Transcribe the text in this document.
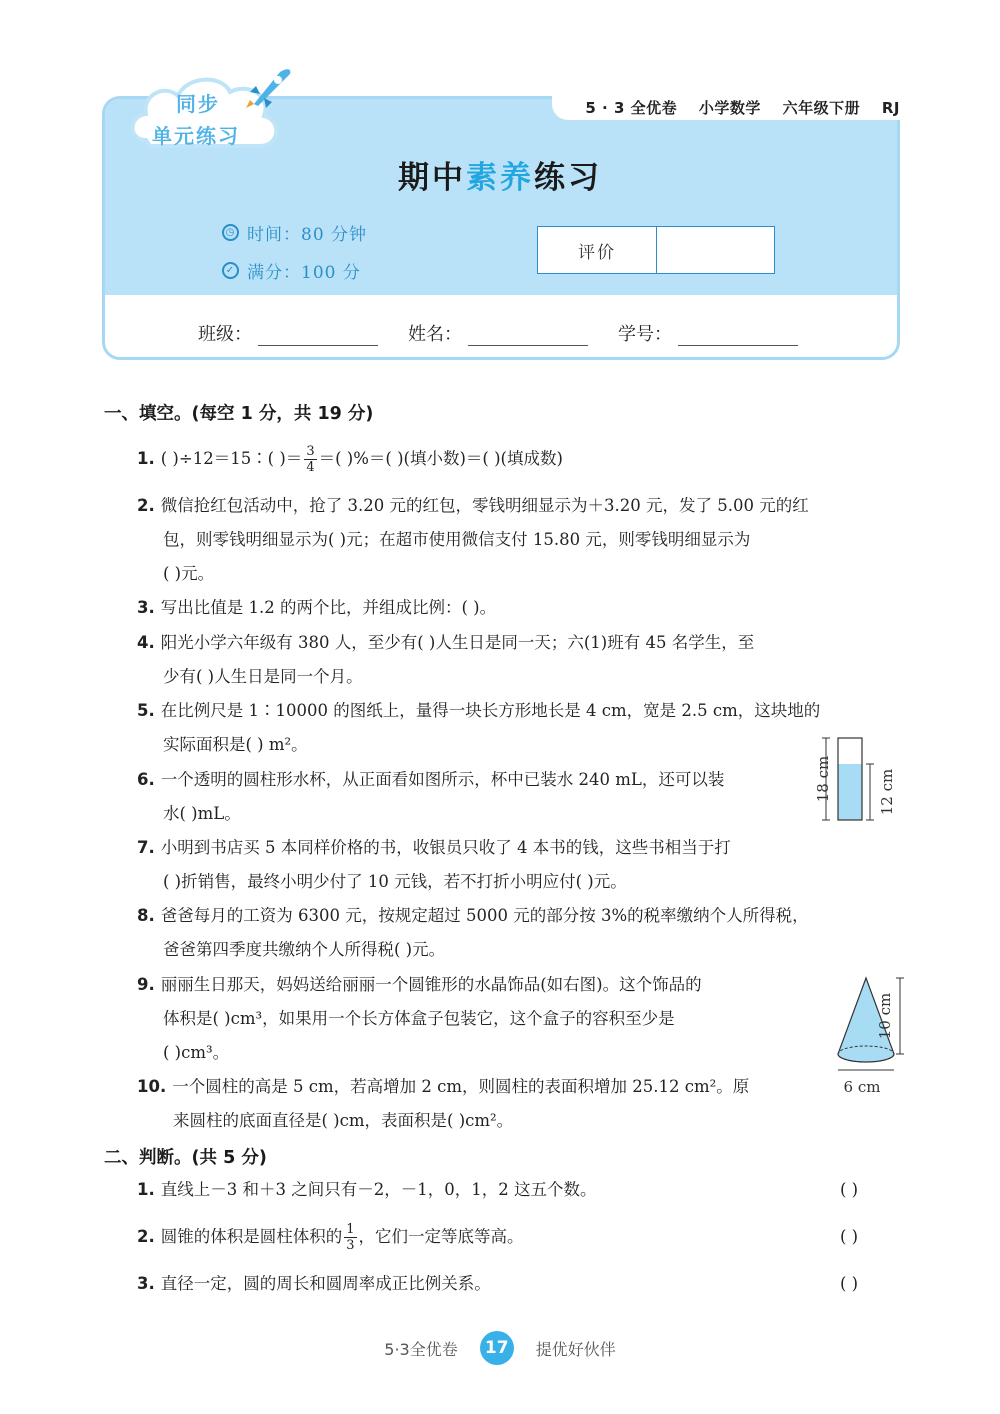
5 · 3 全优卷 小学数学 六年级下册 RJ
同步
单元练习
期中素养练习
◷ 时间：80 分钟
✓ 满分：100 分
评价
班级：	姓名：	学号：
一、填空。(每空 1 分，共 19 分)
1. ( )÷12＝15∶( )＝ $\frac{3}{4}$ ＝( )%＝( )(填小数)＝( )(填成数)
2. 微信抢红包活动中，抢了 3.20 元的红包，零钱明细显示为＋3.20 元，发了 5.00 元的红
包，则零钱明细显示为( )元；在超市使用微信支付 15.80 元，则零钱明细显示为
( )元。
3. 写出比值是 1.2 的两个比，并组成比例：( )。
4. 阳光小学六年级有 380 人，至少有( )人生日是同一天；六(1)班有 45 名学生，至
少有( )人生日是同一个月。
5. 在比例尺是 1∶10000 的图纸上，量得一块长方形地长是 4 cm，宽是 2.5 cm，这块地的
实际面积是( ) m²。
6. 一个透明的圆柱形水杯，从正面看如图所示，杯中已装水 240 mL，还可以装
水( )mL。
18 cm	12 cm
7. 小明到书店买 5 本同样价格的书，收银员只收了 4 本书的钱，这些书相当于打
( )折销售，最终小明少付了 10 元钱，若不打折小明应付( )元。
8. 爸爸每月的工资为 6300 元，按规定超过 5000 元的部分按 3%的税率缴纳个人所得税，
爸爸第四季度共缴纳个人所得税( )元。
9. 丽丽生日那天，妈妈送给丽丽一个圆锥形的水晶饰品(如右图)。这个饰品的
体积是( )cm³，如果用一个长方体盒子包装它，这个盒子的容积至少是
( )cm³。
10 cm
6 cm
10. 一个圆柱的高是 5 cm，若高增加 2 cm，则圆柱的表面积增加 25.12 cm²。原
来圆柱的底面直径是( )cm，表面积是( )cm²。
二、判断。(共 5 分)
1. 直线上－3 和＋3 之间只有－2，－1，0，1，2 这五个数。	( )
2. 圆锥的体积是圆柱体积的 $\frac{1}{3}$ ，它们一定等底等高。	( )
3. 直径一定，圆的周长和圆周率成正比例关系。	( )
5·3全优卷	17	提优好伙伴
